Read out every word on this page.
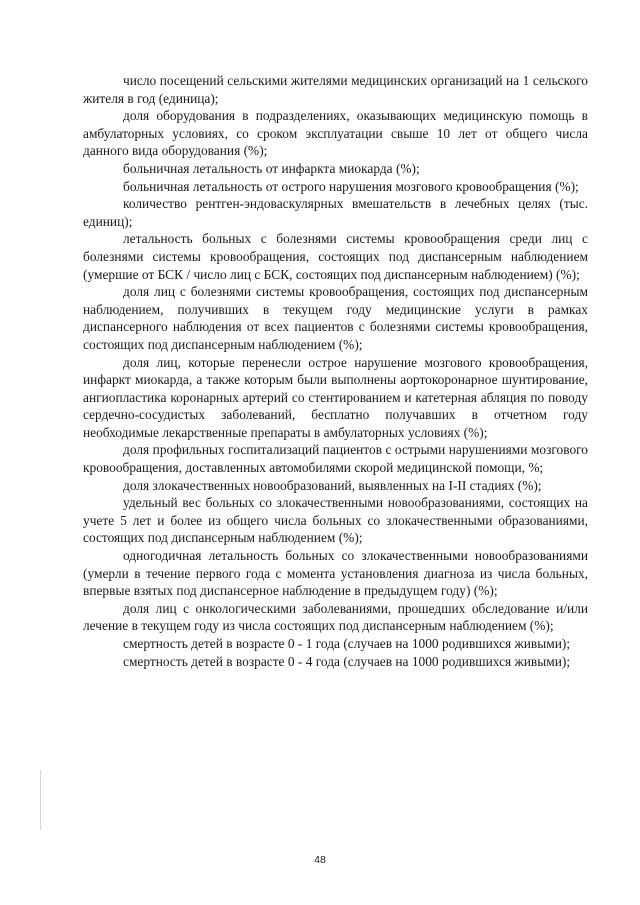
число посещений сельскими жителями медицинских организаций на 1 сельского жителя в год (единица);

доля оборудования в подразделениях, оказывающих медицинскую помощь в амбулаторных условиях, со сроком эксплуатации свыше 10 лет от общего числа данного вида оборудования (%);

больничная летальность от инфаркта миокарда (%);

больничная летальность от острого нарушения мозгового кровообращения (%);

количество рентген-эндоваскулярных вмешательств в лечебных целях (тыс. единиц);

летальность больных с болезнями системы кровообращения среди лиц с болезнями системы кровообращения, состоящих под диспансерным наблюдением (умершие от БСК / число лиц с БСК, состоящих под диспансерным наблюдением) (%);

доля лиц с болезнями системы кровообращения, состоящих под диспансерным наблюдением, получивших в текущем году медицинские услуги в рамках диспансерного наблюдения от всех пациентов с болезнями системы кровообращения, состоящих под диспансерным наблюдением (%);

доля лиц, которые перенесли острое нарушение мозгового кровообращения, инфаркт миокарда, а также которым были выполнены аортокоронарное шунтирование, ангиопластика коронарных артерий со стентированием и катетерная абляция по поводу сердечно-сосудистых заболеваний, бесплатно получавших в отчетном году необходимые лекарственные препараты в амбулаторных условиях (%);

доля профильных госпитализаций пациентов с острыми нарушениями мозгового кровообращения, доставленных автомобилями скорой медицинской помощи, %;

доля злокачественных новообразований, выявленных на I-II стадиях (%);

удельный вес больных со злокачественными новообразованиями, состоящих на учете 5 лет и более из общего числа больных со злокачественными образованиями, состоящих под диспансерным наблюдением (%);

одногодичная летальность больных со злокачественными новообразованиями (умерли в течение первого года с момента установления диагноза из числа больных, впервые взятых под диспансерное наблюдение в предыдущем году) (%);

доля лиц с онкологическими заболеваниями, прошедших обследование и/или лечение в текущем году из числа состоящих под диспансерным наблюдением (%);

смертность детей в возрасте 0 - 1 года (случаев на 1000 родившихся живыми);

смертность детей в возрасте 0 - 4 года (случаев на 1000 родившихся живыми);

48
